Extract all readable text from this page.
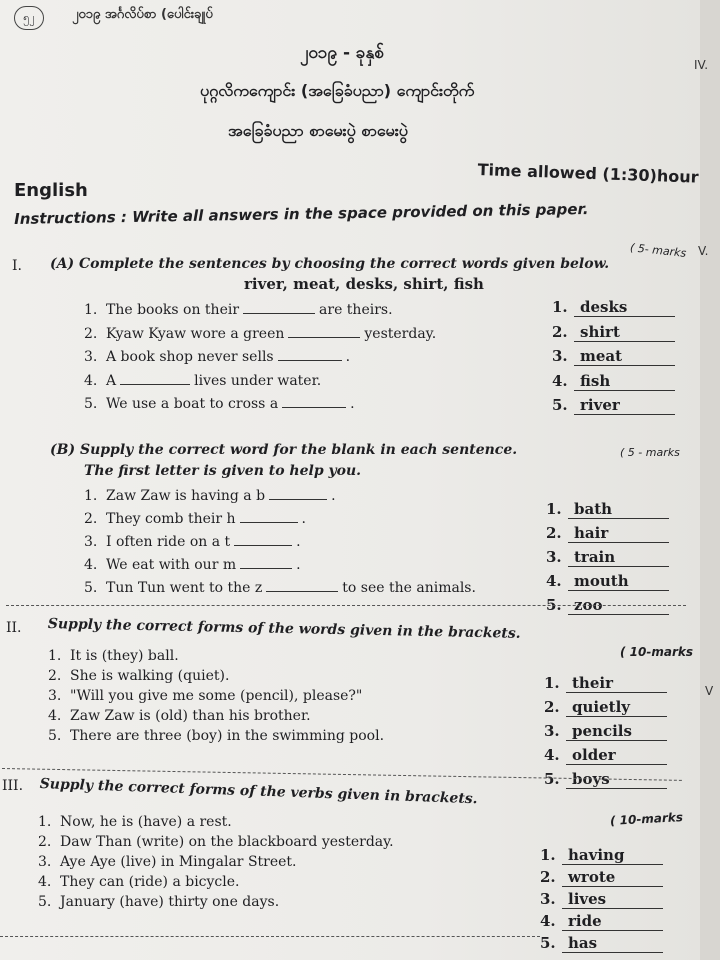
၅၂	၂၀၁၉ အင်္ဂလိပ်စာ (ပေါင်းချုပ်
၂၀၁၉ - ခုနှစ်
ပုဂ္ဂလိကကျောင်း (အခြေခံပညာ) ကျောင်းတိုက်
အခြေခံပညာ စာမေးပွဲ စာမေးပွဲ
Time allowed (1:30)hour
English
Instructions : Write all answers in the space provided on this paper.
IV.
V.
V
I. (A) Complete the sentences by choosing the correct words given below.
( 5- marks
river, meat, desks, shirt, fish
1. The books on their	are theirs.
2. Kyaw Kyaw wore a green	yesterday.
3. A book shop never sells	.
4. A	lives under water.
5. We use a boat to cross a	.
1. desks
2. shirt
3. meat
4. fish
5. river
(B) Supply the correct word for the blank in each sentence.
The first letter is given to help you.
( 5 - marks
1. Zaw Zaw is having a b	.
2. They comb their h	.
3. I often ride on a t	.
4. We eat with our m	.
5. Tun Tun went to the z	to see the animals.
1. bath
2. hair
3. train
4. mouth
5. zoo
II. Supply the correct forms of the words given in the brackets.
( 10-marks
1. It is (they) ball.
2. She is walking (quiet).
3. "Will you give me some (pencil), please?"
4. Zaw Zaw is (old) than his brother.
5. There are three (boy) in the swimming pool.
1. their
2. quietly
3. pencils
4. older
5. boys
III. Supply the correct forms of the verbs given in brackets.
( 10-marks
1. Now, he is (have) a rest.
2. Daw Than (write) on the blackboard yesterday.
3. Aye Aye (live) in Mingalar Street.
4. They can (ride) a bicycle.
5. January (have) thirty one days.
1. having
2. wrote
3. lives
4. ride
5. has
